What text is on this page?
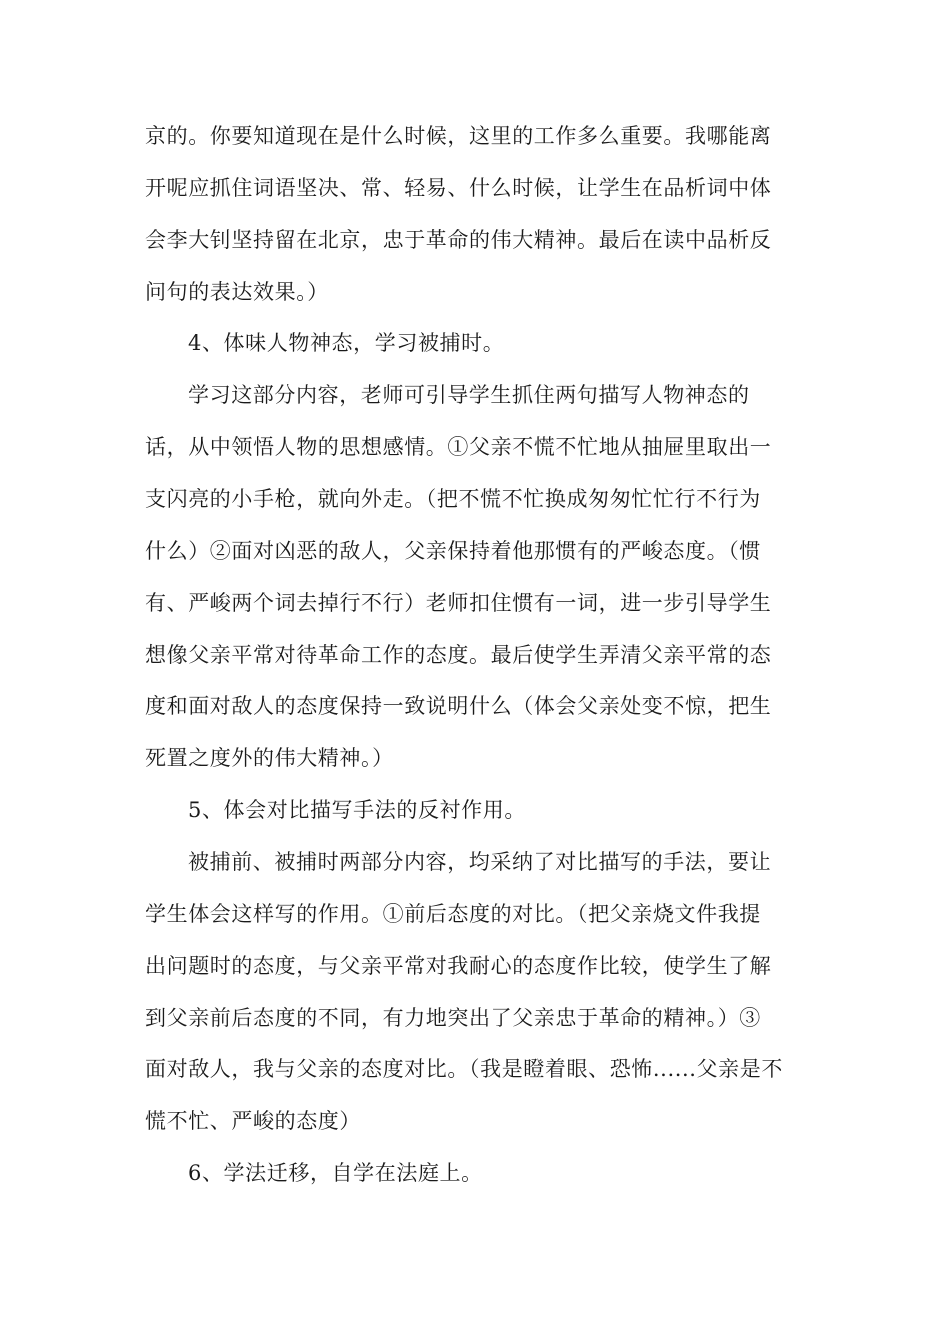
京的。你要知道现在是什么时候，这里的工作多么重要。我哪能离
开呢应抓住词语坚决、常、轻易、什么时候，让学生在品析词中体
会李大钊坚持留在北京，忠于革命的伟大精神。最后在读中品析反
问句的表达效果。）
4、体味人物神态，学习被捕时。
学习这部分内容，老师可引导学生抓住两句描写人物神态的
话，从中领悟人物的思想感情。①父亲不慌不忙地从抽屉里取出一
支闪亮的小手枪，就向外走。（把不慌不忙换成匆匆忙忙行不行为
什么）②面对凶恶的敌人，父亲保持着他那惯有的严峻态度。（惯
有、严峻两个词去掉行不行）老师扣住惯有一词，进一步引导学生
想像父亲平常对待革命工作的态度。最后使学生弄清父亲平常的态
度和面对敌人的态度保持一致说明什么（体会父亲处变不惊，把生
死置之度外的伟大精神。）
5、体会对比描写手法的反衬作用。
被捕前、被捕时两部分内容，均采纳了对比描写的手法，要让
学生体会这样写的作用。①前后态度的对比。（把父亲烧文件我提
出问题时的态度，与父亲平常对我耐心的态度作比较，使学生了解
到父亲前后态度的不同，有力地突出了父亲忠于革命的精神。）③
面对敌人，我与父亲的态度对比。（我是瞪着眼、恐怖......父亲是不
慌不忙、严峻的态度）
6、学法迁移，自学在法庭上。
